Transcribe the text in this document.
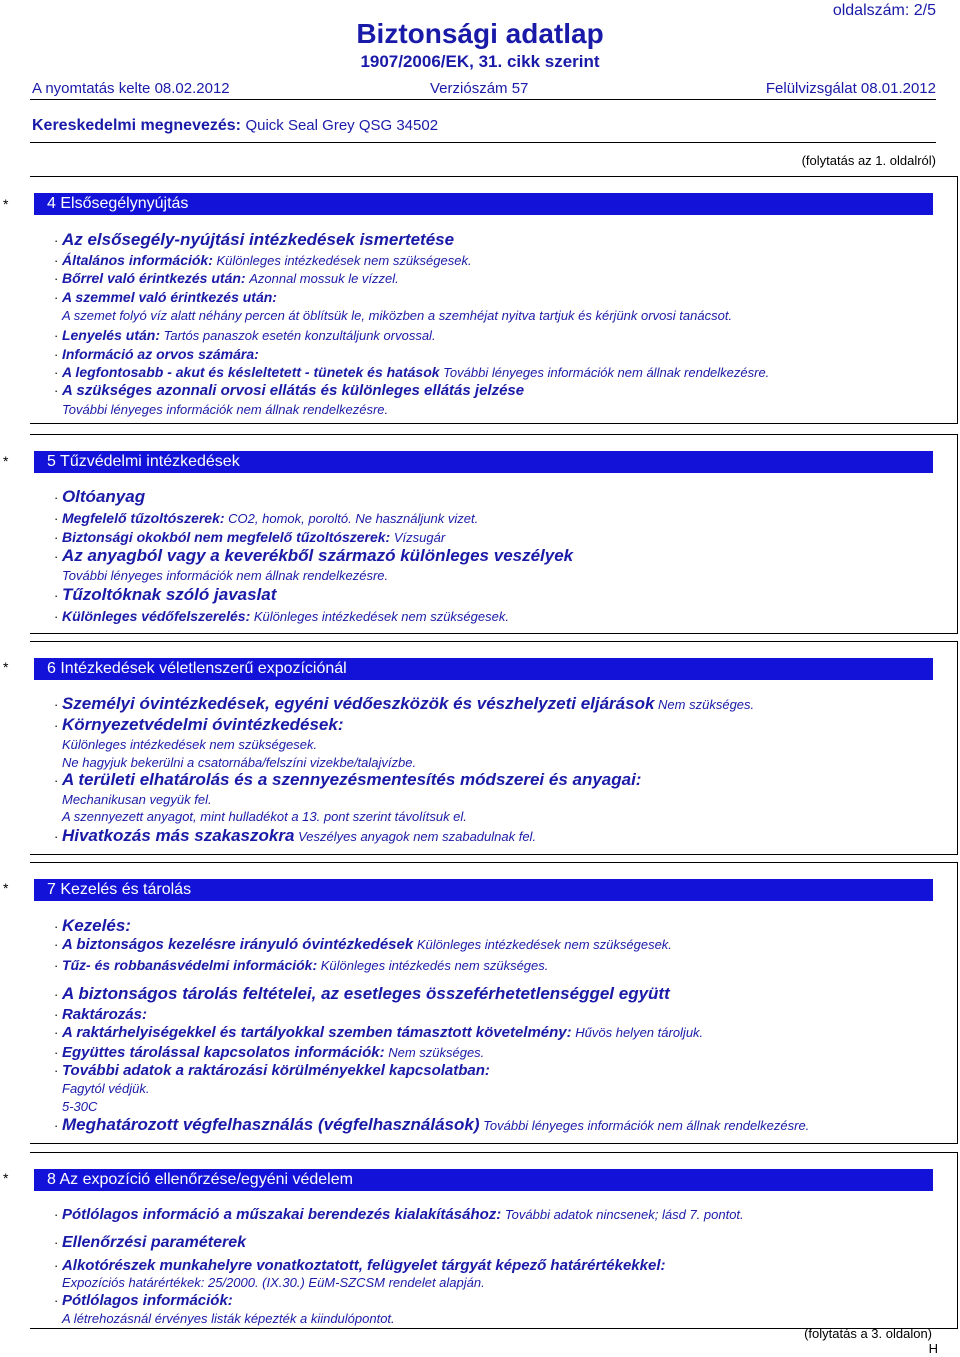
oldalszám: 2/5
Biztonsági adatlap
1907/2006/EK, 31. cikk szerint
A nyomtatás kelte 08.02.2012	Verziószám 57	Felülvizsgálat 08.01.2012
Kereskedelmi megnevezés: Quick Seal Grey QSG 34502
(folytatás az 1. oldalról)
*	4 Elsősegélynyújtás
· Az elsősegély-nyújtási intézkedések ismertetése
· Általános információk: Különleges intézkedések nem szükségesek.
· Bőrrel való érintkezés után: Azonnal mossuk le vízzel.
· A szemmel való érintkezés után:
A szemet folyó víz alatt néhány percen át öblítsük le, miközben a szemhéjat nyitva tartjuk és kérjünk orvosi tanácsot.
· Lenyelés után: Tartós panaszok esetén konzultáljunk orvossal.
· Információ az orvos számára:
· A legfontosabb - akut és késleltetett - tünetek és hatások További lényeges információk nem állnak rendelkezésre.
· A szükséges azonnali orvosi ellátás és különleges ellátás jelzése
További lényeges információk nem állnak rendelkezésre.
*	5 Tűzvédelmi intézkedések
· Oltóanyag
· Megfelelő tűzoltószerek: CO2, homok, poroltó. Ne használjunk vizet.
· Biztonsági okokból nem megfelelő tűzoltószerek: Vízsugár
· Az anyagból vagy a keverékből származó különleges veszélyek
További lényeges információk nem állnak rendelkezésre.
· Tűzoltóknak szóló javaslat
· Különleges védőfelszerelés: Különleges intézkedések nem szükségesek.
*	6 Intézkedések véletlenszerű expozíciónál
· Személyi óvintézkedések, egyéni védőeszközök és vészhelyzeti eljárások Nem szükséges.
· Környezetvédelmi óvintézkedések:
Különleges intézkedések nem szükségesek.
Ne hagyjuk bekerülni a csatornába/felszíni vizekbe/talajvízbe.
· A területi elhatárolás és a szennyezésmentesítés módszerei és anyagai:
Mechanikusan vegyük fel.
A szennyezett anyagot, mint hulladékot a 13. pont szerint távolítsuk el.
· Hivatkozás más szakaszokra Veszélyes anyagok nem szabadulnak fel.
*	7 Kezelés és tárolás
· Kezelés:
· A biztonságos kezelésre irányuló óvintézkedések Különleges intézkedések nem szükségesek.
· Tűz- és robbanásvédelmi információk: Különleges intézkedés nem szükséges.
· A biztonságos tárolás feltételei, az esetleges összeférhetetlenséggel együtt
· Raktározás:
· A raktárhelyiségekkel és tartályokkal szemben támasztott követelmény: Hűvös helyen tároljuk.
· Együttes tárolással kapcsolatos információk: Nem szükséges.
· További adatok a raktározási körülményekkel kapcsolatban:
Fagytól védjük.
5-30C
· Meghatározott végfelhasználás (végfelhasználások) További lényeges információk nem állnak rendelkezésre.
*	8 Az expozíció ellenőrzése/egyéni védelem
· Pótlólagos információ a műszakai berendezés kialakításához: További adatok nincsenek; lásd 7. pontot.
· Ellenőrzési paraméterek
· Alkotórészek munkahelyre vonatkoztatott, felügyelet tárgyát képező határértékekkel:
Expozíciós határértékek: 25/2000. (IX.30.) EüM-SZCSM rendelet alapján.
· Pótlólagos információk:
A létrehozásnál érvényes listák képezték a kiindulópontot.
(folytatás a 3. oldalon)
H
